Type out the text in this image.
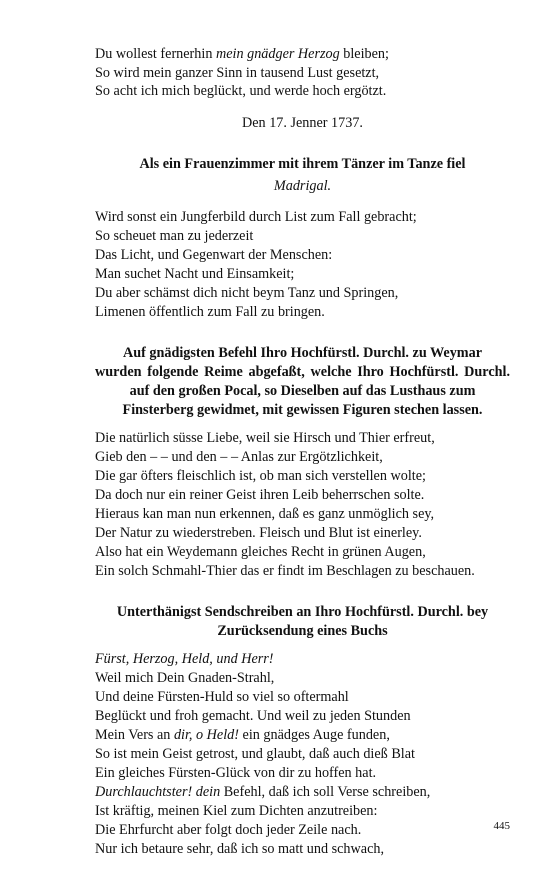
Du wollest fernerhin mein gnädger Herzog bleiben;
So wird mein ganzer Sinn in tausend Lust gesetzt,
So acht ich mich beglückt, und werde hoch ergötzt.
Den 17. Jenner 1737.
Als ein Frauenzimmer mit ihrem Tänzer im Tanze fiel
Madrigal.
Wird sonst ein Jungferbild durch List zum Fall gebracht;
So scheuet man zu jederzeit
Das Licht, und Gegenwart der Menschen:
Man suchet Nacht und Einsamkeit;
Du aber schämst dich nicht beym Tanz und Springen,
Limenen öffentlich zum Fall zu bringen.
Auf gnädigsten Befehl Ihro Hochfürstl. Durchl. zu Weymar
wurden folgende Reime abgefaßt, welche Ihro Hochfürstl. Durchl.
auf den großen Pocal, so Dieselben auf das Lusthaus zum
Finsterberg gewidmet, mit gewissen Figuren stechen lassen.
Die natürlich süsse Liebe, weil sie Hirsch und Thier erfreut,
Gieb den – – und den – – Anlas zur Ergötzlichkeit,
Die gar öfters fleischlich ist, ob man sich verstellen wolte;
Da doch nur ein reiner Geist ihren Leib beherrschen solte.
Hieraus kan man nun erkennen, daß es ganz unmöglich sey,
Der Natur zu wiederstreben. Fleisch und Blut ist einerley.
Also hat ein Weydemann gleiches Recht in grünen Augen,
Ein solch Schmahl-Thier das er findt im Beschlagen zu beschauen.
Unterthänigst Sendschreiben an Ihro Hochfürstl. Durchl. bey
Zurücksendung eines Buchs
Fürst, Herzog, Held, und Herr!
Weil mich Dein Gnaden-Strahl,
Und deine Fürsten-Huld so viel so oftermahl
Beglückt und froh gemacht. Und weil zu jeden Stunden
Mein Vers an dir, o Held! ein gnädges Auge funden,
So ist mein Geist getrost, und glaubt, daß auch dieß Blat
Ein gleiches Fürsten-Glück von dir zu hoffen hat.
Durchlauchtster! dein Befehl, daß ich soll Verse schreiben,
Ist kräftig, meinen Kiel zum Dichten anzutreiben:
Die Ehrfurcht aber folgt doch jeder Zeile nach.
Nur ich betaure sehr, daß ich so matt und schwach,
445
